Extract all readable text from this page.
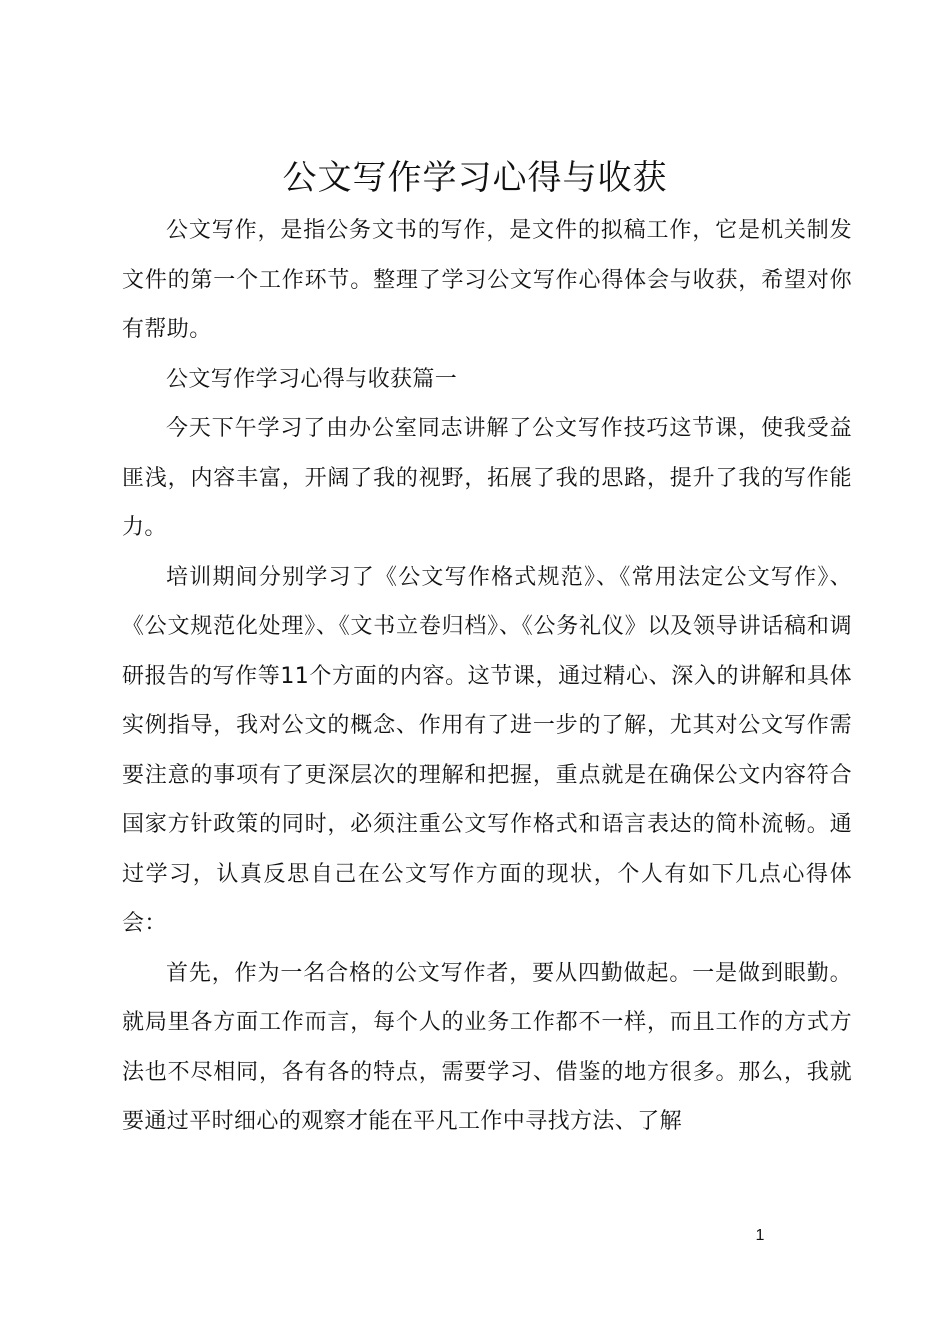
公文写作学习心得与收获

公文写作，是指公务文书的写作，是文件的拟稿工作，它是机关制发文件的第一个工作环节。整理了学习公文写作心得体会与收获，希望对你有帮助。

公文写作学习心得与收获篇一

今天下午学习了由办公室同志讲解了公文写作技巧这节课，使我受益匪浅，内容丰富，开阔了我的视野，拓展了我的思路，提升了我的写作能力。

培训期间分别学习了《公文写作格式规范》、《常用法定公文写作》、《公文规范化处理》、《文书立卷归档》、《公务礼仪》以及领导讲话稿和调研报告的写作等11个方面的内容。这节课，通过精心、深入的讲解和具体实例指导，我对公文的概念、作用有了进一步的了解，尤其对公文写作需要注意的事项有了更深层次的理解和把握，重点就是在确保公文内容符合国家方针政策的同时，必须注重公文写作格式和语言表达的简朴流畅。通过学习，认真反思自己在公文写作方面的现状，个人有如下几点心得体会：

首先，作为一名合格的公文写作者，要从四勤做起。一是做到眼勤。就局里各方面工作而言，每个人的业务工作都不一样，而且工作的方式方法也不尽相同，各有各的特点，需要学习、借鉴的地方很多。那么，我就要通过平时细心的观察才能在平凡工作中寻找方法、了解

1
